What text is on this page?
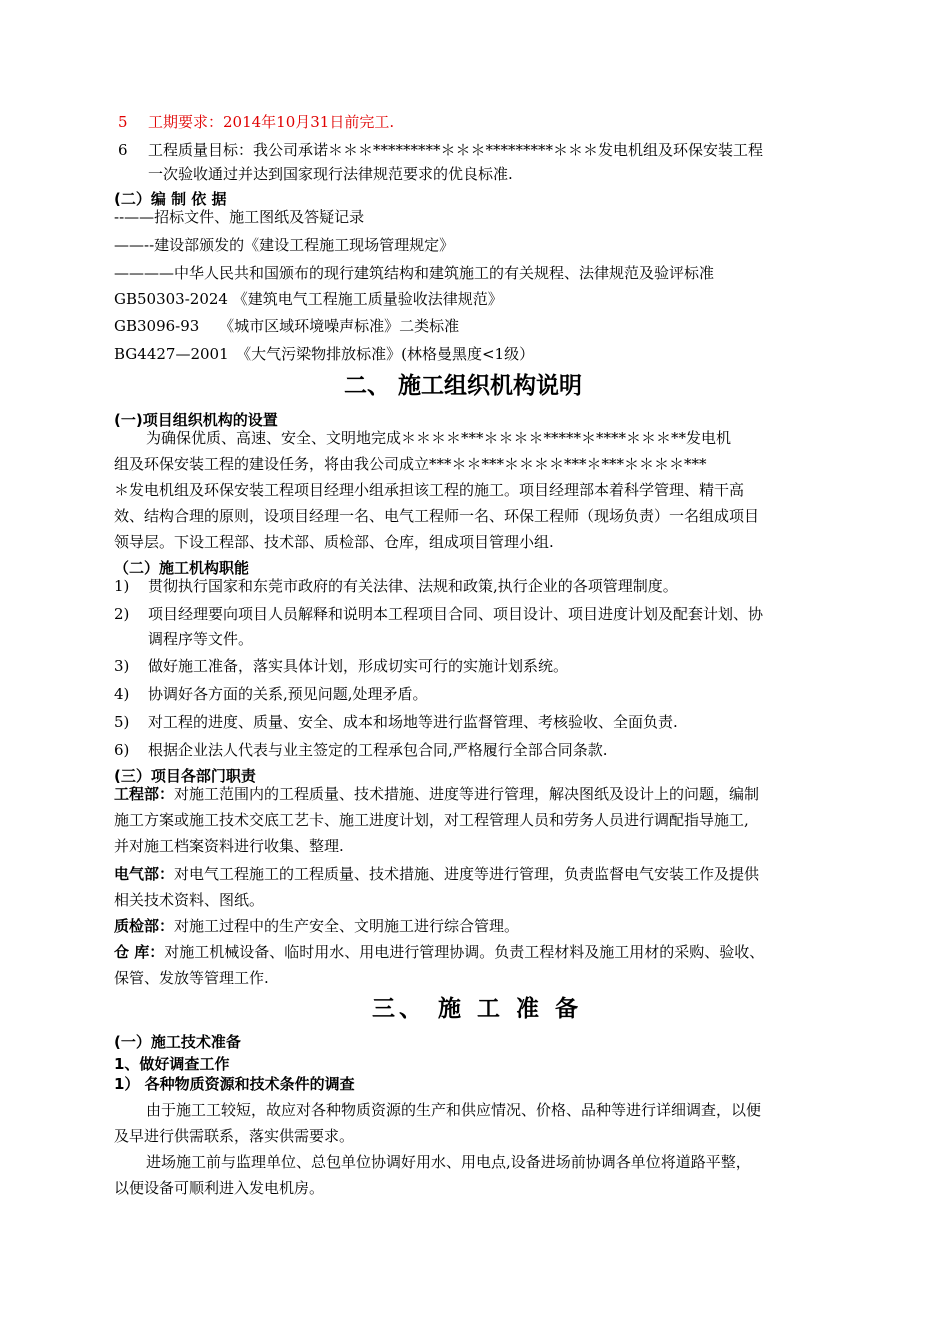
5 工期要求：2014年10月31日前完工.
6 工程质量目标：我公司承诺＊＊＊*********＊＊＊*********＊＊＊发电机组及环保安装工程
一次验收通过并达到国家现行法律规范要求的优良标准.
(二）编 制 依 据
--——招标文件、施工图纸及答疑记录
——--建设部颁发的《建设工程施工现场管理规定》
————中华人民共和国颁布的现行建筑结构和建筑施工的有关规程、法律规范及验评标准
GB50303-2024 《建筑电气工程施工质量验收法律规范》
GB3096-93　 《城市区域环境噪声标准》二类标准
BG4427—2001　《大气污梁物排放标准》(林格曼黑度<1级）
二、 施工组织机构说明
(一)项目组织机构的设置
为确保优质、高速、安全、文明地完成＊＊＊＊***＊＊＊＊*****＊****＊＊＊**发电机
组及环保安装工程的建设任务，将由我公司成立***＊＊***＊＊＊＊***＊***＊＊＊＊***
＊发电机组及环保安装工程项目经理小组承担该工程的施工。项目经理部本着科学管理、精干高
效、结构合理的原则，设项目经理一名、电气工程师一名、环保工程师（现场负责）一名组成项目
领导层。下设工程部、技术部、质检部、仓库，组成项目管理小组.
（二）施工机构职能
1) 贯彻执行国家和东莞市政府的有关法律、法规和政策,执行企业的各项管理制度。
2) 项目经理要向项目人员解释和说明本工程项目合同、项目设计、项目进度计划及配套计划、协
调程序等文件。
3) 做好施工准备，落实具体计划，形成切实可行的实施计划系统。
4) 协调好各方面的关系,预见问题,处理矛盾。
5) 对工程的进度、质量、安全、成本和场地等进行监督管理、考核验收、全面负责.
6) 根据企业法人代表与业主签定的工程承包合同,严格履行全部合同条款.
(三）项目各部门职责
工程部：对施工范围内的工程质量、技术措施、进度等进行管理，解决图纸及设计上的问题，编制
施工方案或施工技术交底工艺卡、施工进度计划，对工程管理人员和劳务人员进行调配指导施工,
并对施工档案资料进行收集、整理.
电气部：对电气工程施工的工程质量、技术措施、进度等进行管理，负责监督电气安装工作及提供
相关技术资料、图纸。
质检部：对施工过程中的生产安全、文明施工进行综合管理。
仓 库：对施工机械设备、临时用水、用电进行管理协调。负责工程材料及施工用材的采购、验收、
保管、发放等管理工作.
三、 施 工 准 备
(一）施工技术准备
1、做好调查工作
1） 各种物质资源和技术条件的调查
由于施工工较短，故应对各种物质资源的生产和供应情况、价格、品种等进行详细调查，以便
及早进行供需联系，落实供需要求。
进场施工前与监理单位、总包单位协调好用水、用电点,设备进场前协调各单位将道路平整，
以便设备可顺利进入发电机房。
